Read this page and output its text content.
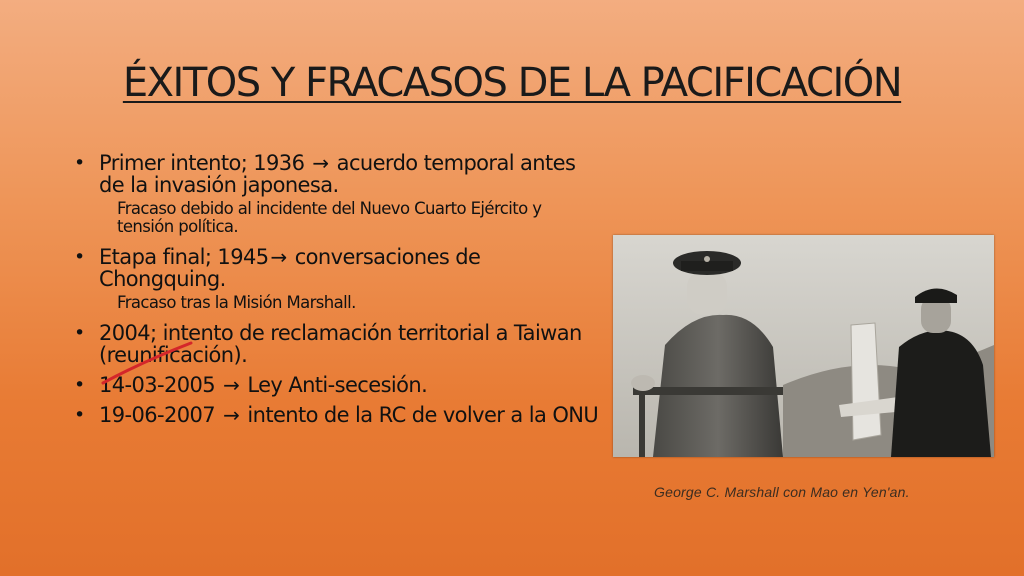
ÉXITOS Y FRACASOS DE LA PACIFICACIÓN
• Primer intento; 1936 → acuerdo temporal antes de la invasión japonesa.
Fracaso debido al incidente del Nuevo Cuarto Ejército y tensión política.
• Etapa final; 1945 → conversaciones de Chongquing.
Fracaso tras la Misión Marshall.
• 2004; intento de reclamación territorial a Taiwan (reunificación).
• 14-03-2005 → Ley Anti-secesión.
• 19-06-2007 → intento de la RC de volver a la ONU
George C. Marshall con Mao en Yen'an.
